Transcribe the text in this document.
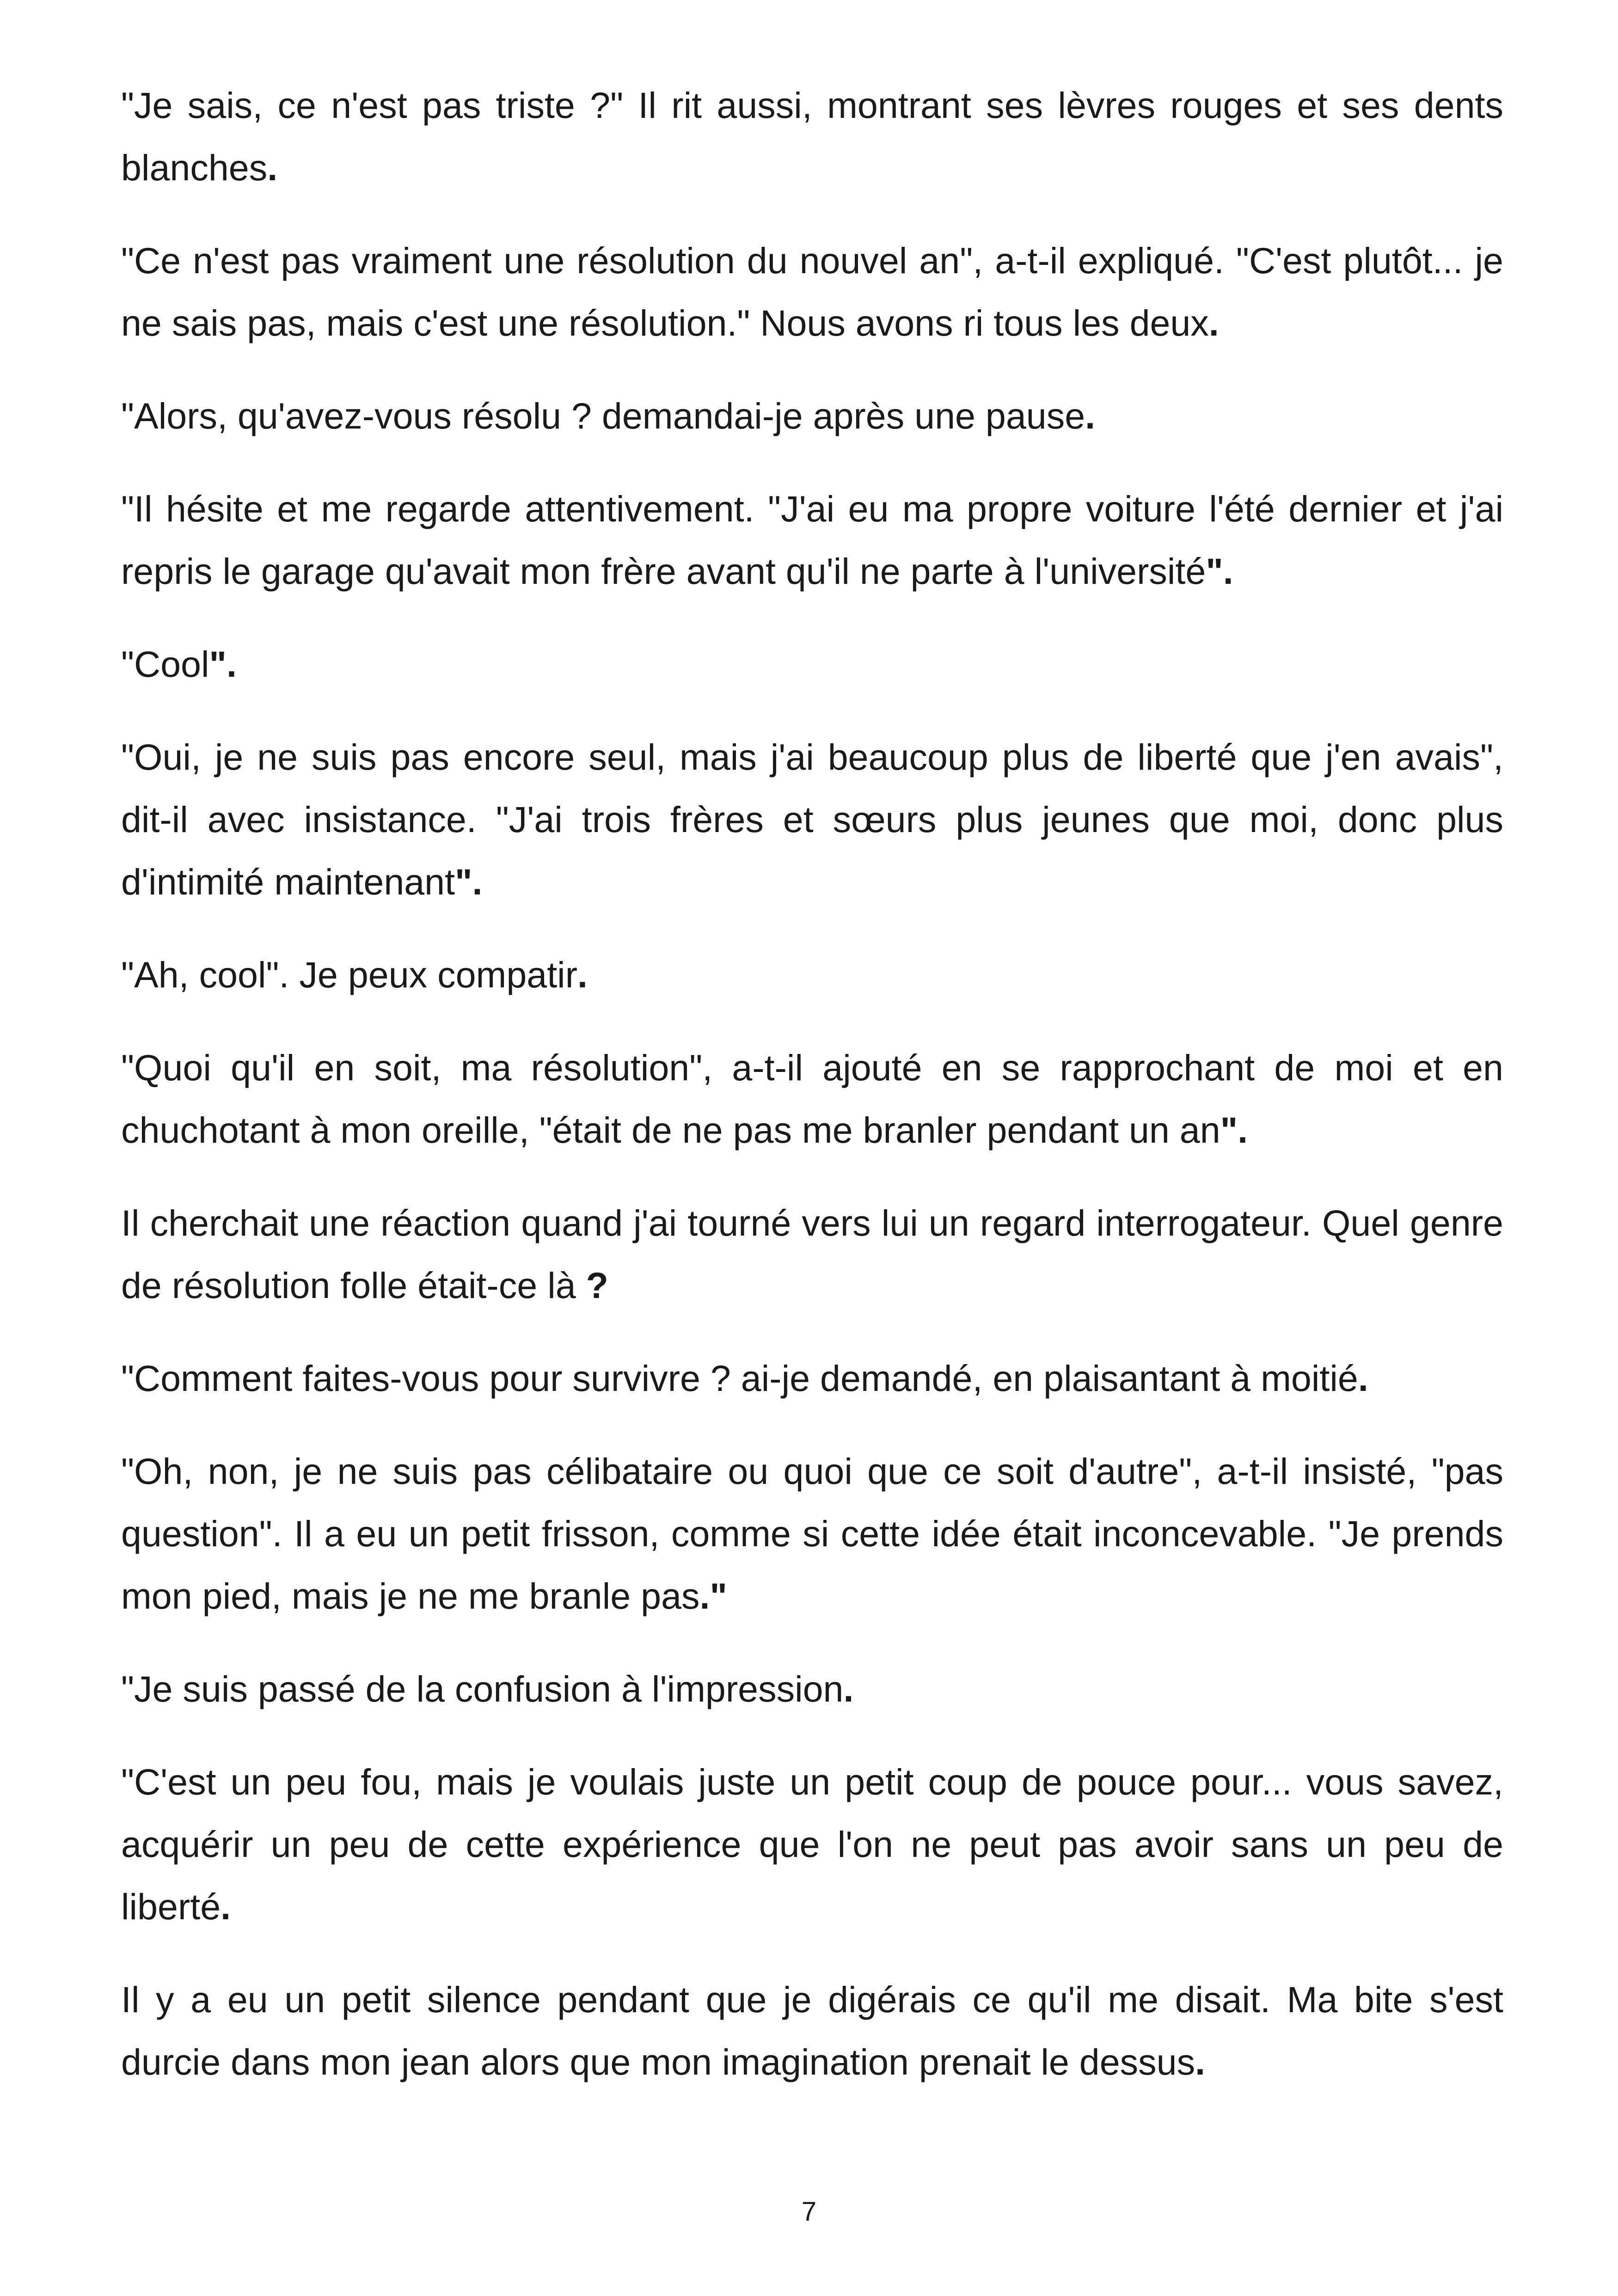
"Je sais, ce n'est pas triste ?" Il rit aussi, montrant ses lèvres rouges et ses dents blanches.

"Ce n'est pas vraiment une résolution du nouvel an", a-t-il expliqué. "C'est plutôt... je ne sais pas, mais c'est une résolution." Nous avons ri tous les deux.

"Alors, qu'avez-vous résolu ? demandai-je après une pause.

"Il hésite et me regarde attentivement. "J'ai eu ma propre voiture l'été dernier et j'ai repris le garage qu'avait mon frère avant qu'il ne parte à l'université".

"Cool".

"Oui, je ne suis pas encore seul, mais j'ai beaucoup plus de liberté que j'en avais", dit-il avec insistance. "J'ai trois frères et sœurs plus jeunes que moi, donc plus d'intimité maintenant".

"Ah, cool". Je peux compatir.

"Quoi qu'il en soit, ma résolution", a-t-il ajouté en se rapprochant de moi et en chuchotant à mon oreille, "était de ne pas me branler pendant un an".

Il cherchait une réaction quand j'ai tourné vers lui un regard interrogateur. Quel genre de résolution folle était-ce là ?

"Comment faites-vous pour survivre ? ai-je demandé, en plaisantant à moitié.

"Oh, non, je ne suis pas célibataire ou quoi que ce soit d'autre", a-t-il insisté, "pas question". Il a eu un petit frisson, comme si cette idée était inconcevable. "Je prends mon pied, mais je ne me branle pas."

"Je suis passé de la confusion à l'impression.

"C'est un peu fou, mais je voulais juste un petit coup de pouce pour... vous savez, acquérir un peu de cette expérience que l'on ne peut pas avoir sans un peu de liberté.

Il y a eu un petit silence pendant que je digérais ce qu'il me disait. Ma bite s'est durcie dans mon jean alors que mon imagination prenait le dessus.

7
